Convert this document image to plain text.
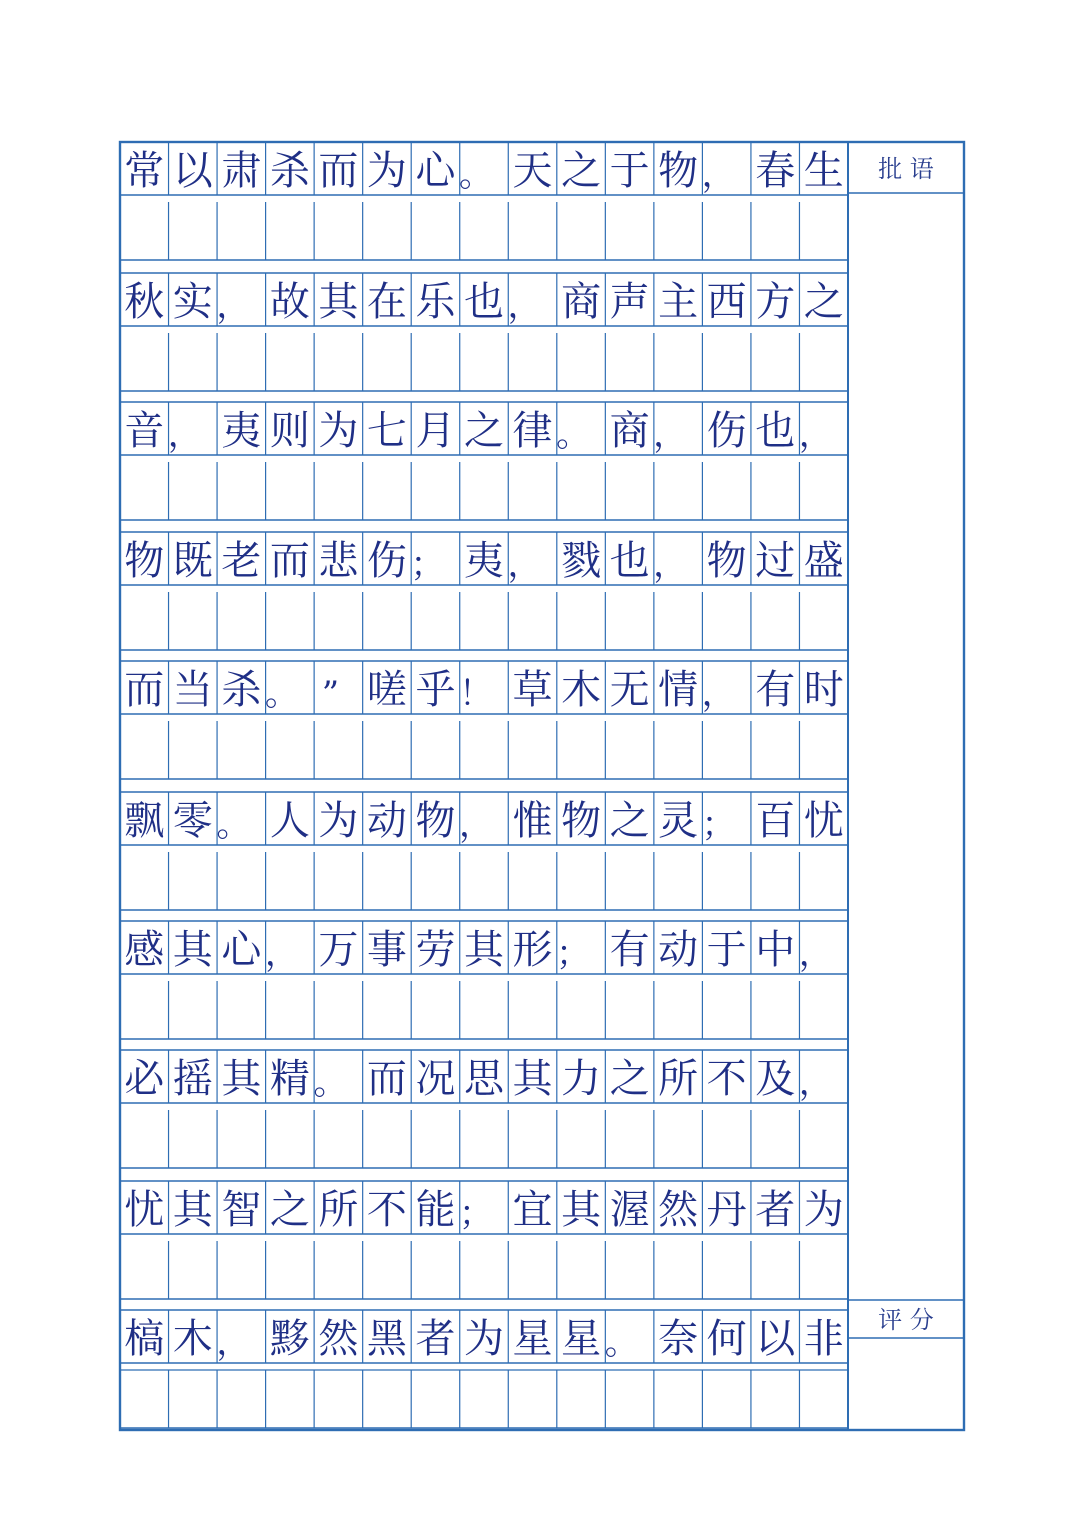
常 以 肃 杀 而 为 心 。 天 之 于 物 ， 春 生
秋 实 ， 故 其 在 乐 也 ， 商 声 主 西 方 之
音 ， 夷 则 为 七 月 之 律 。 商 ， 伤 也 ，
物 既 老 而 悲 伤 ； 夷 ， 戮 也 ， 物 过 盛
而 当 杀 。 ” 嗟 乎 ！ 草 木 无 情 ， 有 时
飘 零 。 人 为 动 物 ， 惟 物 之 灵 ； 百 忧
感 其 心 ， 万 事 劳 其 形 ； 有 动 于 中 ，
必 摇 其 精 。 而 况 思 其 力 之 所 不 及 ，
忧 其 智 之 所 不 能 ； 宜 其 渥 然 丹 者 为
槁 木 ， 黟 然 黑 者 为 星 星 。 奈 何 以 非
批 语
评 分
